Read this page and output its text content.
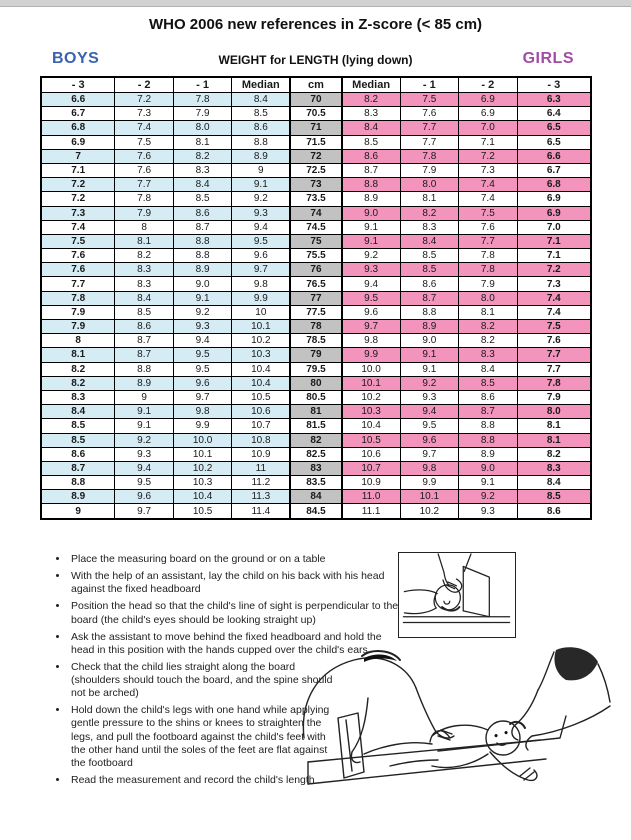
WHO 2006 new references in Z-score (< 85 cm)
BOYS	WEIGHT for LENGTH (lying down)	GIRLS
- 3	- 2	- 1	Median	cm	Median	- 1	- 2	- 3
6.6	7.2	7.8	8.4	70	8.2	7.5	6.9	6.3
6.7	7.3	7.9	8.5	70.5	8.3	7.6	6.9	6.4
6.8	7.4	8.0	8.6	71	8.4	7.7	7.0	6.5
6.9	7.5	8.1	8.8	71.5	8.5	7.7	7.1	6.5
7	7.6	8.2	8.9	72	8.6	7.8	7.2	6.6
7.1	7.6	8.3	9	72.5	8.7	7.9	7.3	6.7
7.2	7.7	8.4	9.1	73	8.8	8.0	7.4	6.8
7.2	7.8	8.5	9.2	73.5	8.9	8.1	7.4	6.9
7.3	7.9	8.6	9.3	74	9.0	8.2	7.5	6.9
7.4	8	8.7	9.4	74.5	9.1	8.3	7.6	7.0
7.5	8.1	8.8	9.5	75	9.1	8.4	7.7	7.1
7.6	8.2	8.8	9.6	75.5	9.2	8.5	7.8	7.1
7.6	8.3	8.9	9.7	76	9.3	8.5	7.8	7.2
7.7	8.3	9.0	9.8	76.5	9.4	8.6	7.9	7.3
7.8	8.4	9.1	9.9	77	9.5	8.7	8.0	7.4
7.9	8.5	9.2	10	77.5	9.6	8.8	8.1	7.4
7.9	8.6	9.3	10.1	78	9.7	8.9	8.2	7.5
8	8.7	9.4	10.2	78.5	9.8	9.0	8.2	7.6
8.1	8.7	9.5	10.3	79	9.9	9.1	8.3	7.7
8.2	8.8	9.5	10.4	79.5	10.0	9.1	8.4	7.7
8.2	8.9	9.6	10.4	80	10.1	9.2	8.5	7.8
8.3	9	9.7	10.5	80.5	10.2	9.3	8.6	7.9
8.4	9.1	9.8	10.6	81	10.3	9.4	8.7	8.0
8.5	9.1	9.9	10.7	81.5	10.4	9.5	8.8	8.1
8.5	9.2	10.0	10.8	82	10.5	9.6	8.8	8.1
8.6	9.3	10.1	10.9	82.5	10.6	9.7	8.9	8.2
8.7	9.4	10.2	11	83	10.7	9.8	9.0	8.3
8.8	9.5	10.3	11.2	83.5	10.9	9.9	9.1	8.4
8.9	9.6	10.4	11.3	84	11.0	10.1	9.2	8.5
9	9.7	10.5	11.4	84.5	11.1	10.2	9.3	8.6
• Place the measuring board on the ground or on a table
• With the help of an assistant, lay the child on his back with his head against the fixed headboard
• Position the head so that the child's line of sight is perpendicular to the board (the child's eyes should be looking straight up)
• Ask the assistant to move behind the fixed headboard and hold the head in this position with the hands cupped over the child's ears
• Check that the child lies straight along the board (shoulders should touch the board, and the spine should not be arched)
• Hold down the child's legs with one hand while applying gentle pressure to the shins or knees to straighten the legs, and pull the footboard against the child's feet with the other hand until the soles of the feet are flat against the footboard
• Read the measurement and record the child's length
